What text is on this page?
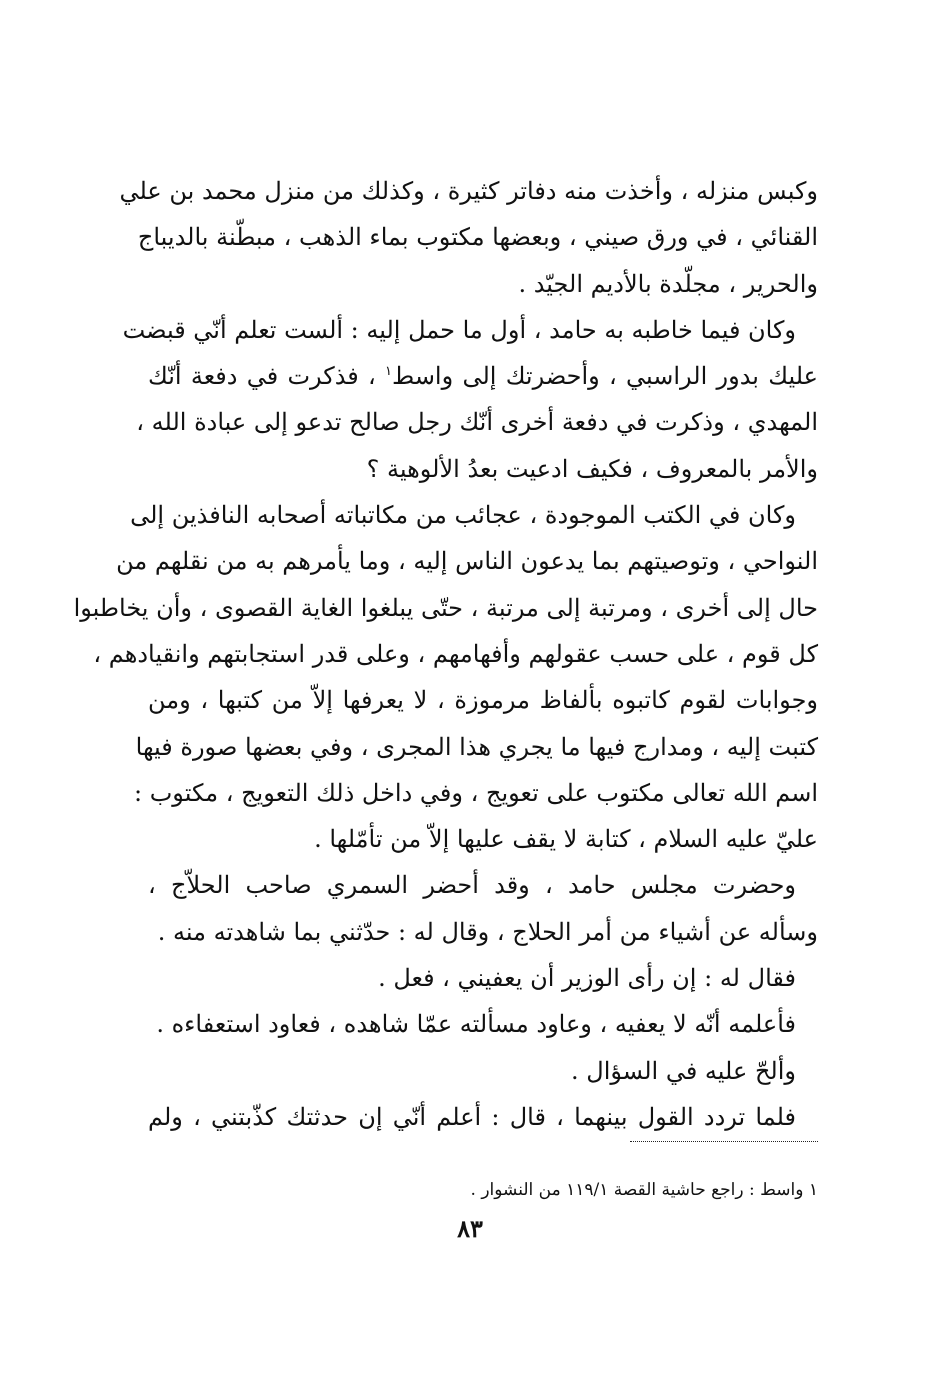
وكبس منزله ، وأخذت منه دفاتر كثيرة ، وكذلك من منزل محمد بن علي
القنائي ، في ورق صيني ، وبعضها مكتوب بماء الذهب ، مبطّنة بالديباج
والحرير ، مجلّدة بالأديم الجيّد .
وكان فيما خاطبه به حامد ، أول ما حمل إليه : ألست تعلم أنّي قبضت
عليك بدور الراسبي ، وأحضرتك إلى واسط$^١$ ، فذكرت في دفعة أنّك
المهدي ، وذكرت في دفعة أخرى أنّك رجل صالح تدعو إلى عبادة الله ،
والأمر بالمعروف ، فكيف ادعيت بعدُ الألوهية ؟
وكان في الكتب الموجودة ، عجائب من مكاتباته أصحابه النافذين إلى
النواحي ، وتوصيتهم بما يدعون الناس إليه ، وما يأمرهم به من نقلهم من
حال إلى أخرى ، ومرتبة إلى مرتبة ، حتّى يبلغوا الغاية القصوى ، وأن يخاطبوا
كل قوم ، على حسب عقولهم وأفهامهم ، وعلى قدر استجابتهم وانقيادهم ،
وجوابات لقوم كاتبوه بألفاظ مرموزة ، لا يعرفها إلاّ من كتبها ، ومن
كتبت إليه ، ومدارج فيها ما يجري هذا المجرى ، وفي بعضها صورة فيها
اسم الله تعالى مكتوب على تعويج ، وفي داخل ذلك التعويج ، مكتوب :
عليّ عليه السلام ، كتابة لا يقف عليها إلاّ من تأمّلها .
وحضرت مجلس حامد ، وقد أحضر السمري صاحب الحلاّج ،
وسأله عن أشياء من أمر الحلاج ، وقال له : حدّثني بما شاهدته منه .
فقال له : إن رأى الوزير أن يعفيني ، فعل .
فأعلمه أنّه لا يعفيه ، وعاود مسألته عمّا شاهده ، فعاود استعفاءه .
وألحّ عليه في السؤال .
فلما تردد القول بينهما ، قال : أعلم أنّي إن حدثتك كذّبتني ، ولم
١ واسط : راجع حاشية القصة ١١٩/١ من النشوار .
٨٣
